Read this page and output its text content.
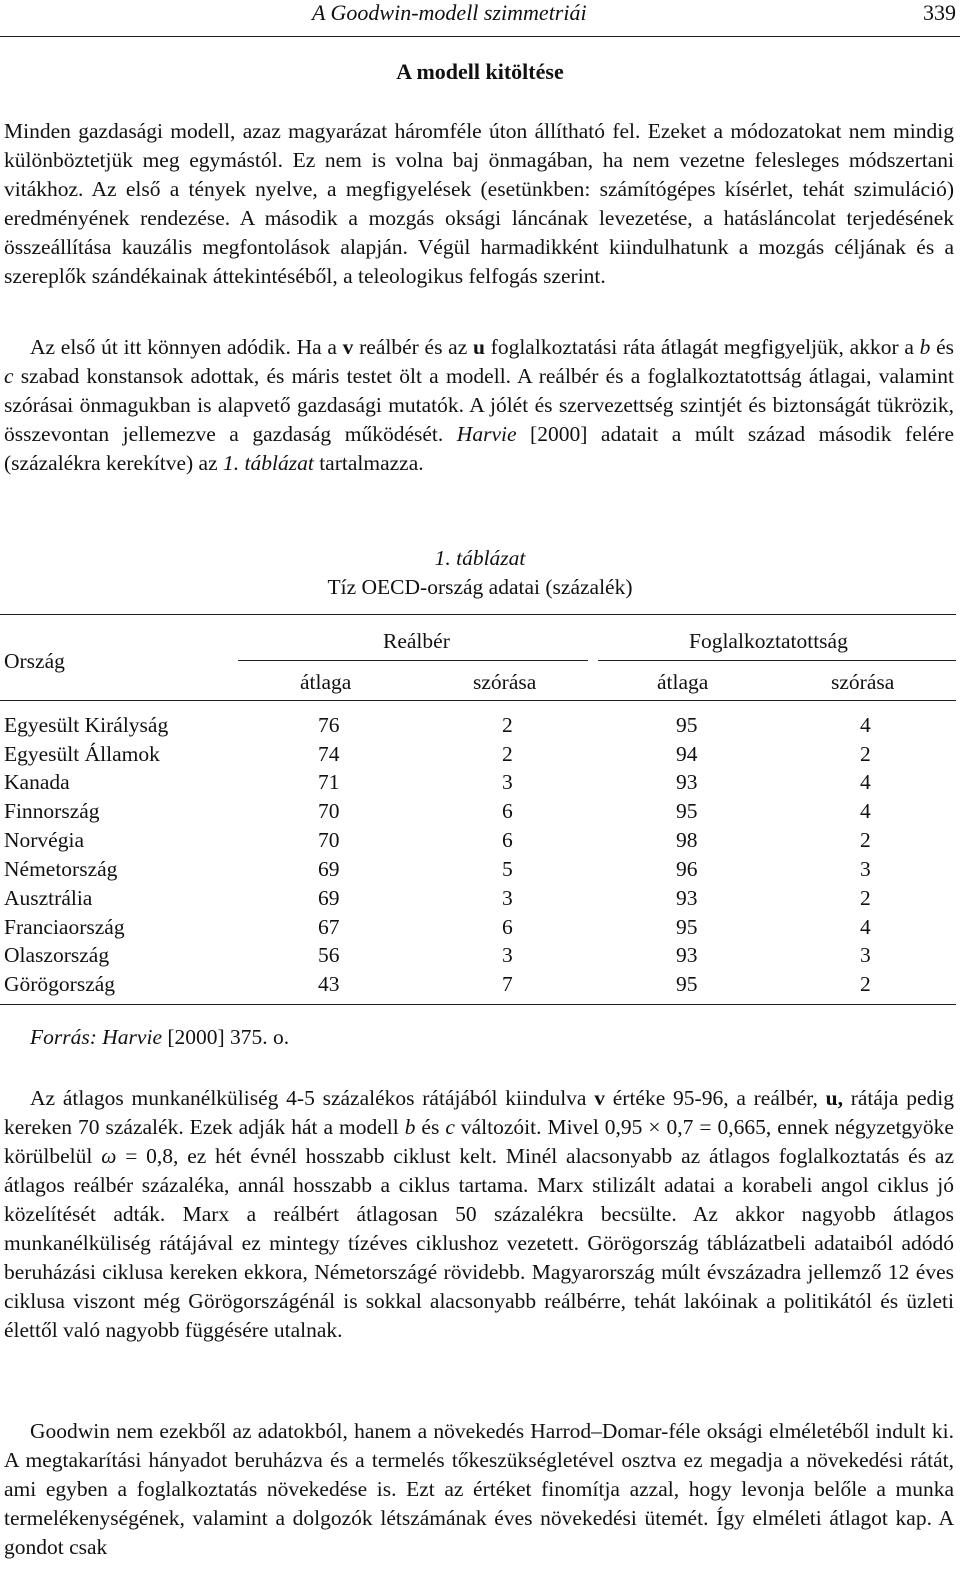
A Goodwin-modell szimmetriái	339
A modell kitöltése

Minden gazdasági modell, azaz magyarázat háromféle úton állítható fel. Ezeket a módozatokat nem mindig különböztetjük meg egymástól. Ez nem is volna baj önmagában, ha nem vezetne felesleges módszertani vitákhoz. Az első a tények nyelve, a megfigyelések (esetünkben: számítógépes kísérlet, tehát szimuláció) eredményének rendezése. A második a mozgás oksági láncának levezetése, a hatásláncolat terjedésének összeállítása kauzális megfontolások alapján. Végül harmadikként kiindulhatunk a mozgás céljának és a szereplők szándékainak áttekintéséből, a teleologikus felfogás szerint.

Az első út itt könnyen adódik. Ha a v reálbér és az u foglalkoztatási ráta átlagát megfigyeljük, akkor a b és c szabad konstansok adottak, és máris testet ölt a modell. A reálbér és a foglalkoztatottság átlagai, valamint szórásai önmagukban is alapvető gazdasági mutatók. A jólét és szervezettség szintjét és biztonságát tükrözik, összevontan jellemezve a gazdaság működését. Harvie [2000] adatait a múlt század második felére (százalékra kerekítve) az 1. táblázat tartalmazza.

1. táblázat
Tíz OECD-ország adatai (százalék)
Ország
Reálbér	Foglalkoztatottság
átlaga	szórása	átlaga	szórása
Egyesült Királyság	76	2	95	4
Egyesült Államok	74	2	94	2
Kanada	71	3	93	4
Finnország	70	6	95	4
Norvégia	70	6	98	2
Németország	69	5	96	3
Ausztrália	69	3	93	2
Franciaország	67	6	95	4
Olaszország	56	3	93	3
Görögország	43	7	95	2
Forrás: Harvie [2000] 375. o.

Az átlagos munkanélküliség 4-5 százalékos rátájából kiindulva v értéke 95-96, a reálbér, u, rátája pedig kereken 70 százalék. Ezek adják hát a modell b és c változóit. Mivel 0,95 × 0,7 = 0,665, ennek négyzetgyöke körülbelül ω = 0,8, ez hét évnél hosszabb ciklust kelt. Minél alacsonyabb az átlagos foglalkoztatás és az átlagos reálbér százaléka, annál hosszabb a ciklus tartama. Marx stilizált adatai a korabeli angol ciklus jó közelítését adták. Marx a reálbért átlagosan 50 százalékra becsülte. Az akkor nagyobb átlagos munkanélküliség rátájával ez mintegy tízéves ciklushoz vezetett. Görögország táblázatbeli adataiból adódó beruházási ciklusa kereken ekkora, Németországé rövidebb. Magyarország múlt évszázadra jellemző 12 éves ciklusa viszont még Görögországénál is sokkal alacsonyabb reálbérre, tehát lakóinak a politikától és üzleti élettől való nagyobb függésére utalnak.

Goodwin nem ezekből az adatokból, hanem a növekedés Harrod–Domar-féle oksági elméletéből indult ki. A megtakarítási hányadot beruházva és a termelés tőkeszükségletével osztva ez megadja a növekedési rátát, ami egyben a foglalkoztatás növekedése is. Ezt az értéket finomítja azzal, hogy levonja belőle a munka termelékenységének, valamint a dolgozók létszámának éves növekedési ütemét. Így elméleti átlagot kap. A gondot csak
